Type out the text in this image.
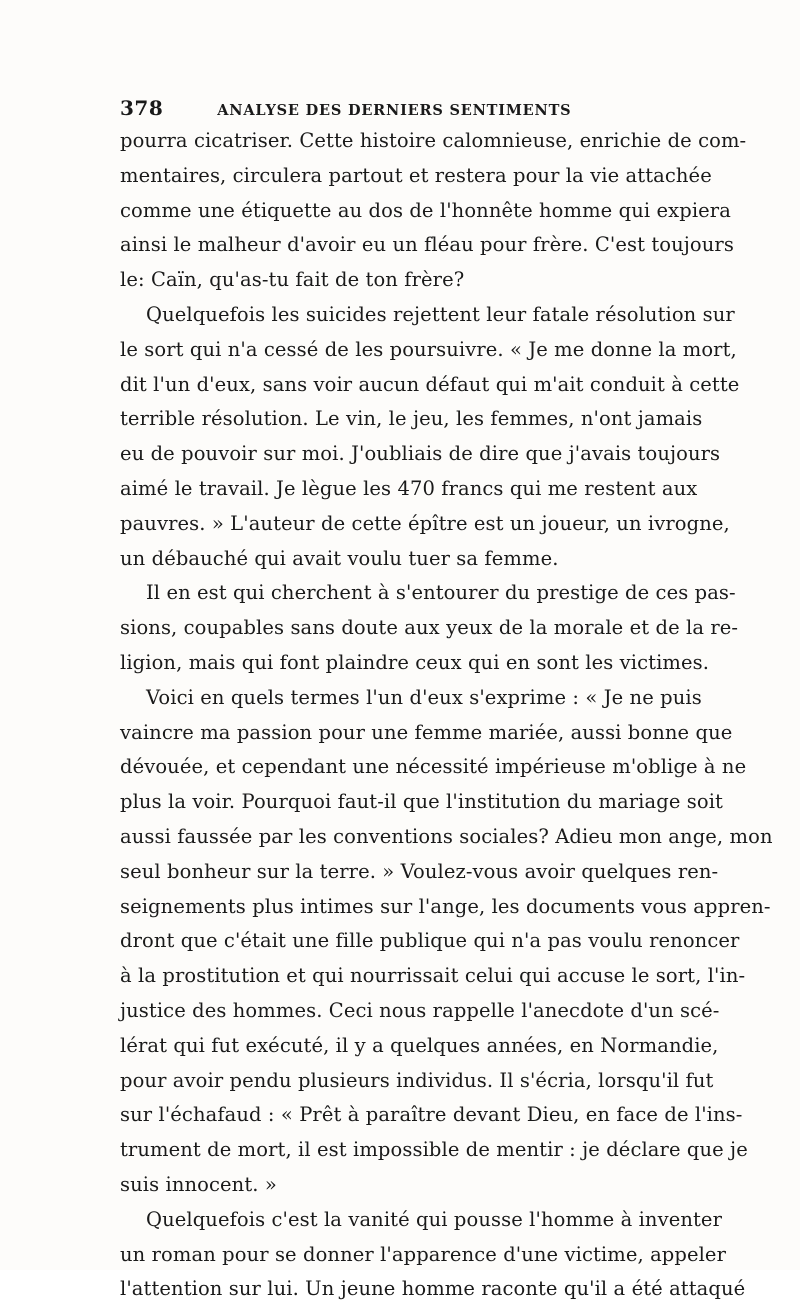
378	ANALYSE DES DERNIERS SENTIMENTS
pourra cicatriser. Cette histoire calomnieuse, enrichie de com-
mentaires, circulera partout et restera pour la vie attachée
comme une étiquette au dos de l'honnête homme qui expiera
ainsi le malheur d'avoir eu un fléau pour frère. C'est toujours
le: Caïn, qu'as-tu fait de ton frère?
Quelquefois les suicides rejettent leur fatale résolution sur
le sort qui n'a cessé de les poursuivre. « Je me donne la mort,
dit l'un d'eux, sans voir aucun défaut qui m'ait conduit à cette
terrible résolution. Le vin, le jeu, les femmes, n'ont jamais
eu de pouvoir sur moi. J'oubliais de dire que j'avais toujours
aimé le travail. Je lègue les 470 francs qui me restent aux
pauvres. » L'auteur de cette épître est un joueur, un ivrogne,
un débauché qui avait voulu tuer sa femme.
Il en est qui cherchent à s'entourer du prestige de ces pas-
sions, coupables sans doute aux yeux de la morale et de la re-
ligion, mais qui font plaindre ceux qui en sont les victimes.
Voici en quels termes l'un d'eux s'exprime : « Je ne puis
vaincre ma passion pour une femme mariée, aussi bonne que
dévouée, et cependant une nécessité impérieuse m'oblige à ne
plus la voir. Pourquoi faut-il que l'institution du mariage soit
aussi faussée par les conventions sociales? Adieu mon ange, mon
seul bonheur sur la terre. » Voulez-vous avoir quelques ren-
seignements plus intimes sur l'ange, les documents vous appren-
dront que c'était une fille publique qui n'a pas voulu renoncer
à la prostitution et qui nourrissait celui qui accuse le sort, l'in-
justice des hommes. Ceci nous rappelle l'anecdote d'un scé-
lérat qui fut exécuté, il y a quelques années, en Normandie,
pour avoir pendu plusieurs individus. Il s'écria, lorsqu'il fut
sur l'échafaud : « Prêt à paraître devant Dieu, en face de l'ins-
trument de mort, il est impossible de mentir : je déclare que je
suis innocent. »
Quelquefois c'est la vanité qui pousse l'homme à inventer
un roman pour se donner l'apparence d'une victime, appeler
l'attention sur lui. Un jeune homme raconte qu'il a été attaqué
